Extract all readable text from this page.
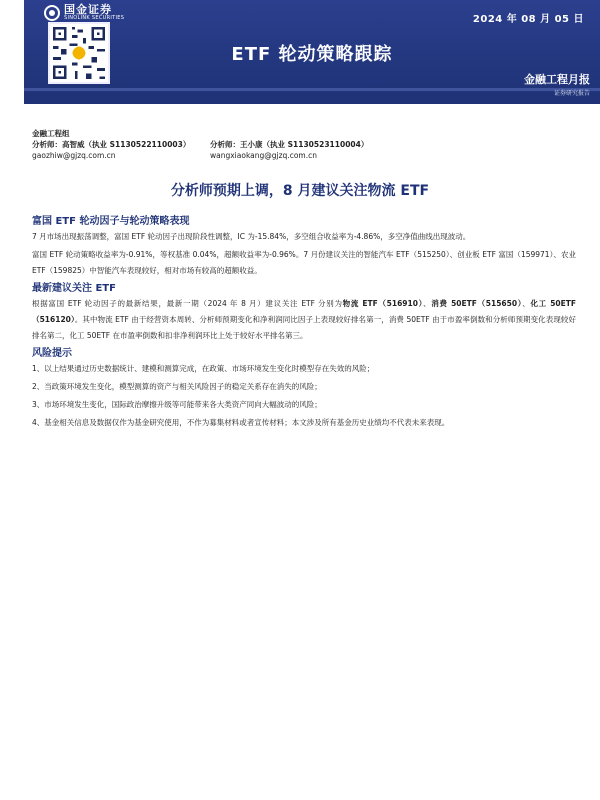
国金证券
SINOLINK SECURITIES	2024 年 08 月 05 日
ETF 轮动策略跟踪
金融工程月报
证券研究报告
金融工程组
分析师：高智威（执业 S1130522110003）	分析师：王小康（执业 S1130523110004）
gaozhiw@gjzq.com.cn	wangxiaokang@gjzq.com.cn
分析师预期上调，8 月建议关注物流 ETF

富国 ETF 轮动因子与轮动策略表现

7 月市场出现振荡调整，富国 ETF 轮动因子出现阶段性调整，IC 为-15.84%，多空组合收益率为-4.86%，多空净值曲线出现波动。

富国 ETF 轮动策略收益率为-0.91%，等权基准 0.04%，超额收益率为-0.96%。7 月份建议关注的智能汽车 ETF（515250）、创业板 ETF 富国（159971）、农业 ETF（159825）中智能汽车表现较好，相对市场有较高的超额收益。

最新建议关注 ETF

根据富国 ETF 轮动因子的最新结果，最新一期（2024 年 8 月）建议关注 ETF 分别为物流 ETF（516910）、消费 50ETF（515650）、化工 50ETF（516120）。其中物流 ETF 由于经营资本周转、分析师预期变化和净利润同比因子上表现较好排名第一，消费 50ETF 由于市盈率倒数和分析师预期变化表现较好排名第二，化工 50ETF 在市盈率倒数和扣非净利润环比上处于较好水平排名第三。

风险提示

1、以上结果通过历史数据统计、建模和测算完成，在政策、市场环境发生变化时模型存在失效的风险；

2、当政策环境发生变化，模型测算的资产与相关风险因子的稳定关系存在消失的风险；

3、市场环境发生变化，国际政治摩擦升级等可能带来各大类资产同向大幅波动的风险；

4、基金相关信息及数据仅作为基金研究使用，不作为募集材料或者宣传材料；本文涉及所有基金历史业绩均不代表未来表现。
